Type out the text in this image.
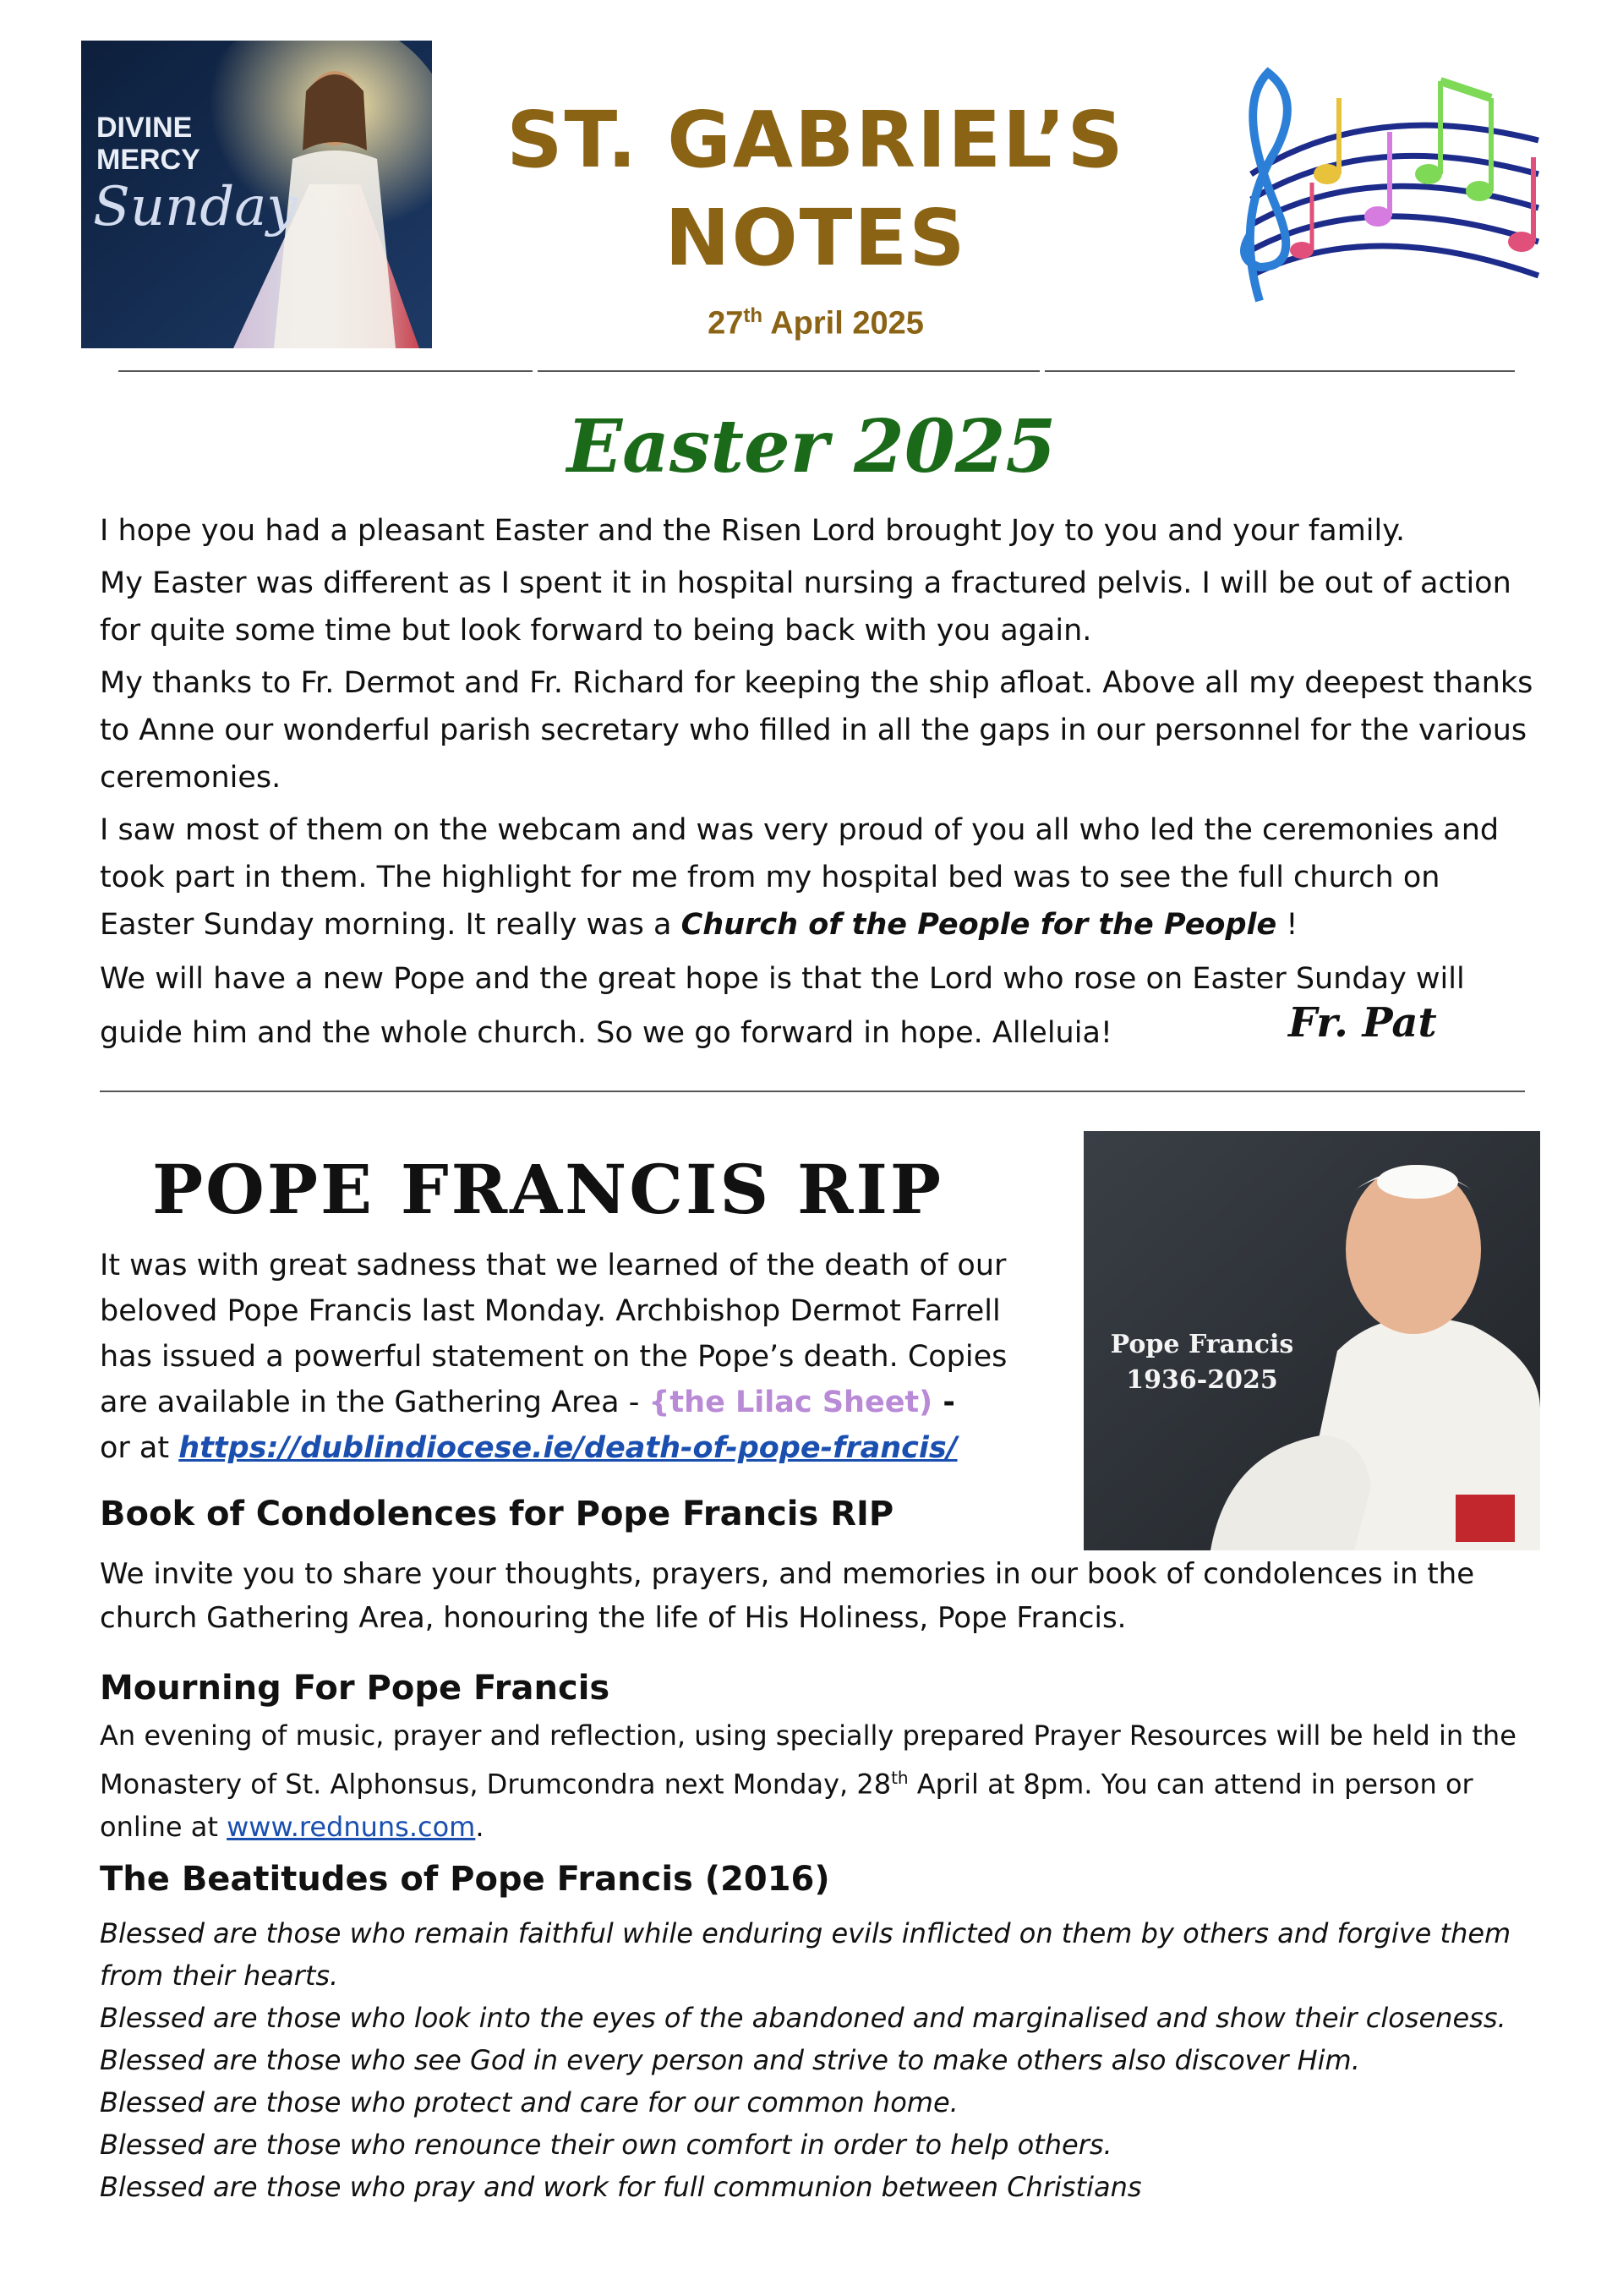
DIVINE
MERCY
Sunday
ST. GABRIEL’S
NOTES
27th April 2025
Easter 2025
I hope you had a pleasant Easter and the Risen Lord brought Joy to you and your family.
My Easter was different as I spent it in hospital nursing a fractured pelvis. I will be out of action for quite some time but look forward to being back with you again.
My thanks to Fr. Dermot and Fr. Richard for keeping the ship afloat. Above all my deepest thanks to Anne our wonderful parish secretary who filled in all the gaps in our personnel for the various ceremonies.
I saw most of them on the webcam and was very proud of you all who led the ceremonies and took part in them. The highlight for me from my hospital bed was to see the full church on Easter Sunday morning. It really was a Church of the People for the People !
We will have a new Pope and the great hope is that the Lord who rose on Easter Sunday will
guide him and the whole church. So we go forward in hope. Alleluia!	Fr. Pat
POPE FRANCIS RIP
It was with great sadness that we learned of the death of our
beloved Pope Francis last Monday. Archbishop Dermot Farrell
has issued a powerful statement on the Pope’s death. Copies
are available in the Gathering Area - {the Lilac Sheet) -
or at https://dublindiocese.ie/death-of-pope-francis/
Pope Francis
1936-2025
Book of Condolences for Pope Francis RIP
We invite you to share your thoughts, prayers, and memories in our book of condolences in the church Gathering Area, honouring the life of His Holiness, Pope Francis.
Mourning For Pope Francis
An evening of music, prayer and reflection, using specially prepared Prayer Resources will be held in the Monastery of St. Alphonsus, Drumcondra next Monday, 28th April at 8pm. You can attend in person or online at www.rednuns.com.
The Beatitudes of Pope Francis (2016)
Blessed are those who remain faithful while enduring evils inflicted on them by others and forgive them from their hearts.
Blessed are those who look into the eyes of the abandoned and marginalised and show their closeness.
Blessed are those who see God in every person and strive to make others also discover Him.
Blessed are those who protect and care for our common home.
Blessed are those who renounce their own comfort in order to help others.
Blessed are those who pray and work for full communion between Christians
